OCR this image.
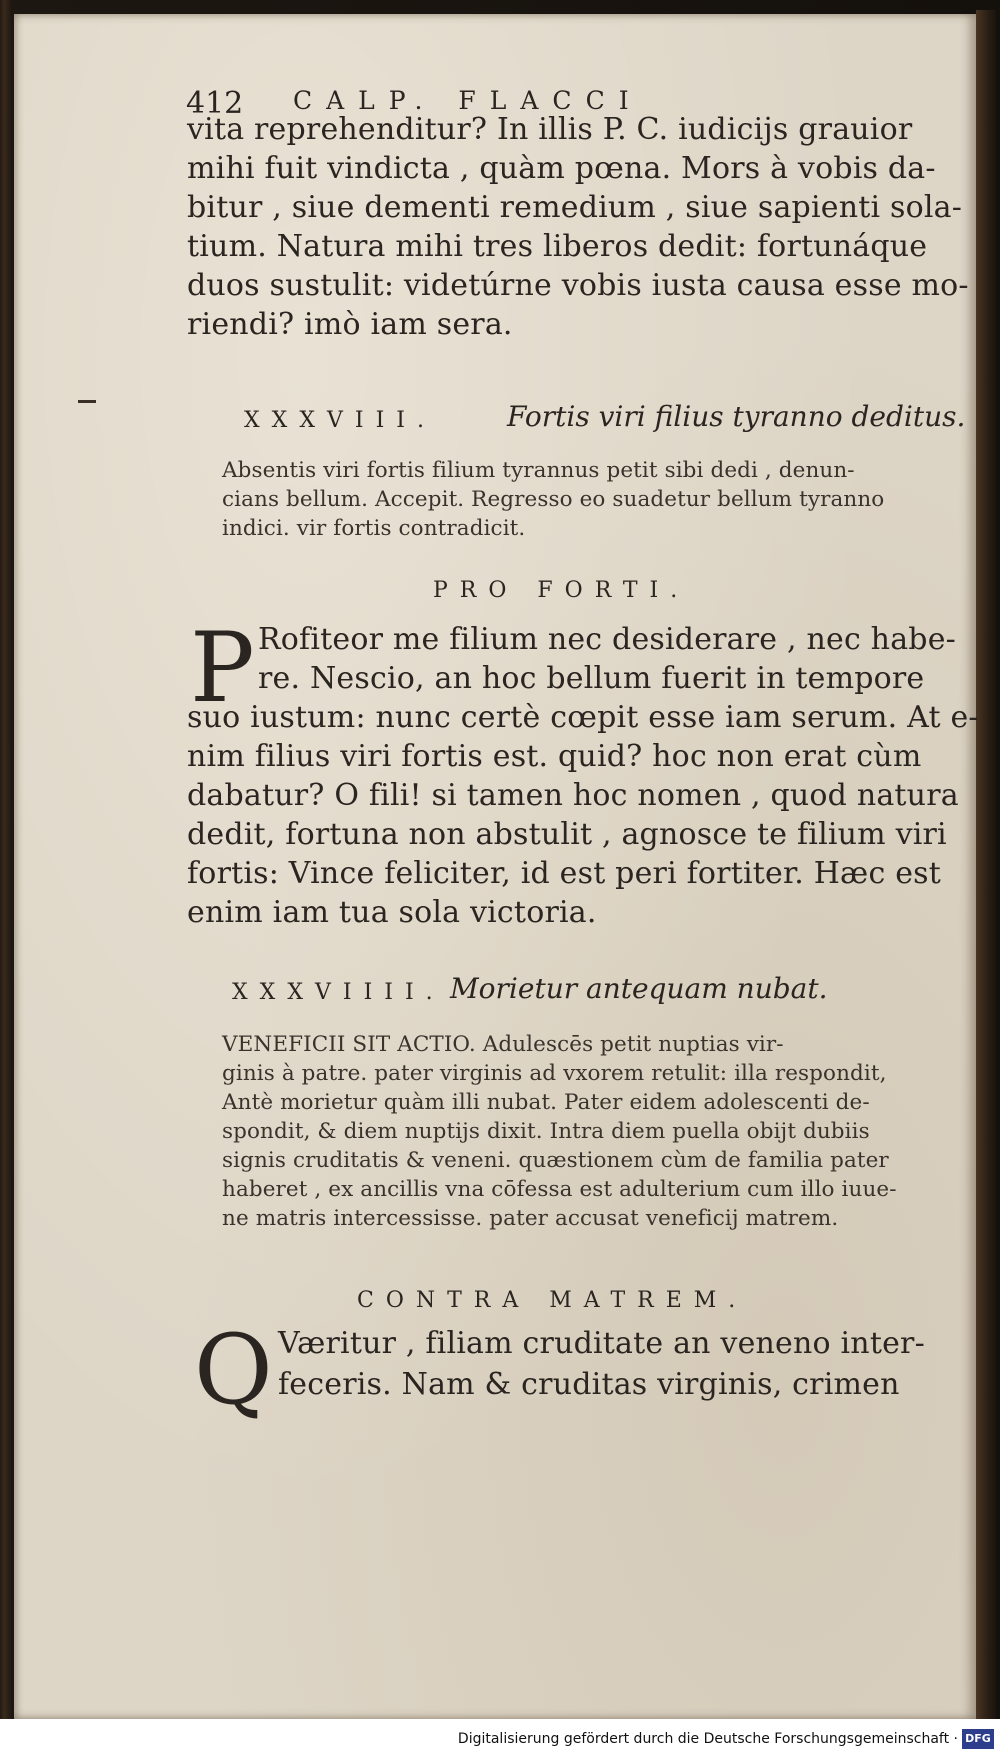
412 CALP. FLACCI
vita reprehenditur? In illis P. C. iudicijs grauior
mihi fuit vindicta , quàm pœna. Mors à vobis da-
bitur , siue dementi remedium , siue sapienti sola-
tium. Natura mihi tres liberos dedit: fortunáque
duos sustulit: videtúrne vobis iusta causa esse mo-
riendi? imò iam sera.
XXXVIII.	Fortis viri filius tyranno deditus.
Absentis viri fortis filium tyrannus petit sibi dedi , denun-
cians bellum. Accepit. Regresso eo suadetur bellum tyranno
indici. vir fortis contradicit.
PRO FORTI.
P Rofiteor me filium nec desiderare , nec habe-
re. Nescio, an hoc bellum fuerit in tempore
suo iustum: nunc certè cœpit esse iam serum. At e-
nim filius viri fortis est. quid? hoc non erat cùm
dabatur? O fili! si tamen hoc nomen , quod natura
dedit, fortuna non abstulit , agnosce te filium viri
fortis: Vince feliciter, id est peri fortiter. Hæc est
enim iam tua sola victoria.
XXXVIIII. Morietur antequam nubat.
VENEFICII SIT ACTIO. Adulescēs petit nuptias vir-
ginis à patre. pater virginis ad vxorem retulit: illa respondit,
Antè morietur quàm illi nubat. Pater eidem adolescenti de-
spondit, & diem nuptijs dixit. Intra diem puella obijt dubiis
signis cruditatis & veneni. quæstionem cùm de familia pater
haberet , ex ancillis vna cōfessa est adulterium cum illo iuue-
ne matris intercessisse. pater accusat veneficij matrem.
CONTRA MATREM.
Q Væritur , filiam cruditate an veneno inter-
feceris. Nam & cruditas virginis, crimen
Digitalisierung gefördert durch die Deutsche Forschungsgemeinschaft · DFG
